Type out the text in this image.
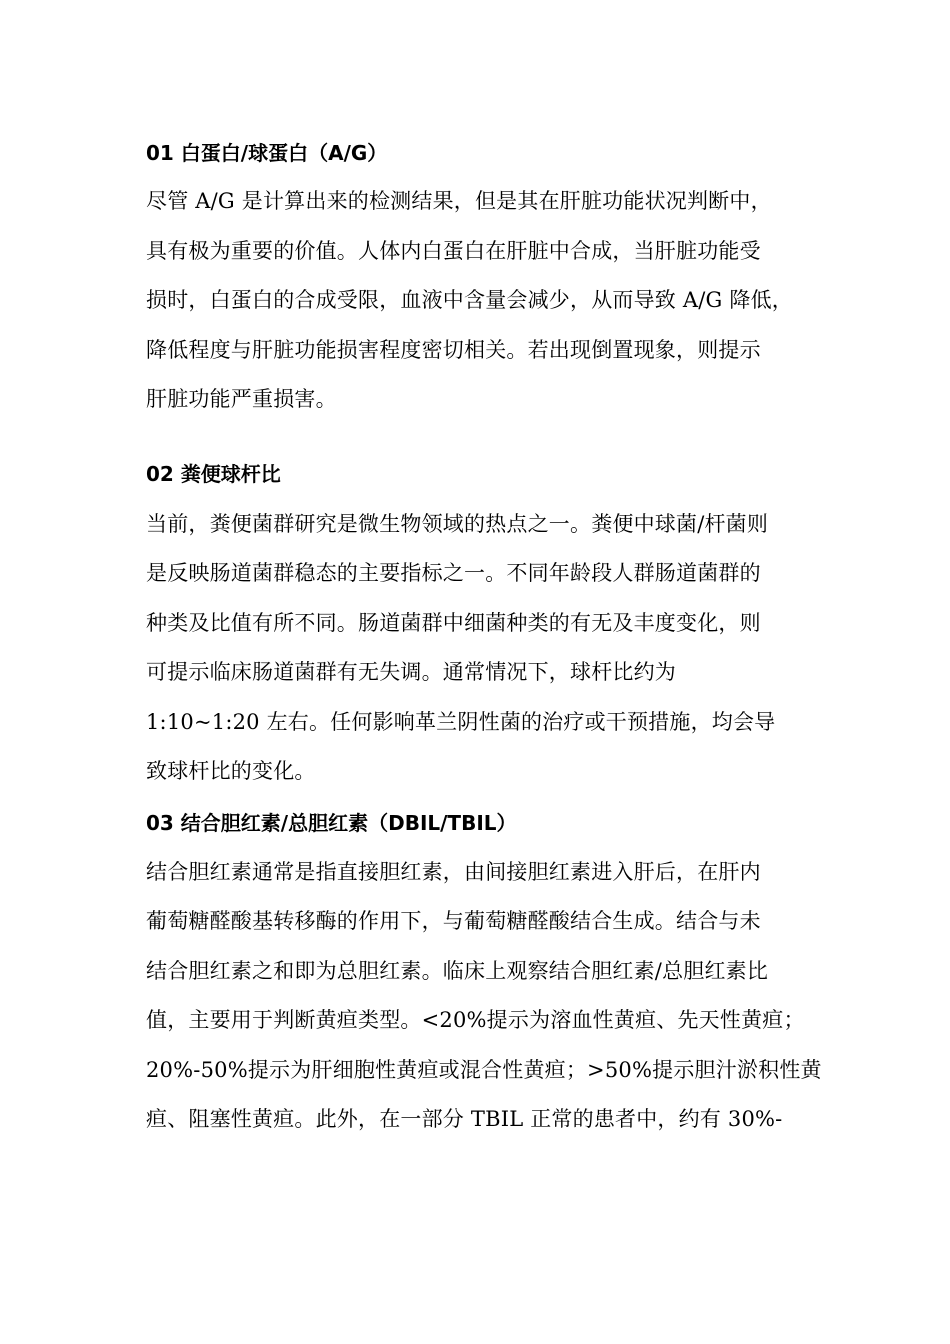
01 白蛋白/球蛋白（A/G）
尽管 A/G 是计算出来的检测结果，但是其在肝脏功能状况判断中，
具有极为重要的价值。人体内白蛋白在肝脏中合成，当肝脏功能受
损时，白蛋白的合成受限，血液中含量会减少，从而导致 A/G 降低，
降低程度与肝脏功能损害程度密切相关。若出现倒置现象，则提示
肝脏功能严重损害。
02 粪便球杆比
当前，粪便菌群研究是微生物领域的热点之一。粪便中球菌/杆菌则
是反映肠道菌群稳态的主要指标之一。不同年龄段人群肠道菌群的
种类及比值有所不同。肠道菌群中细菌种类的有无及丰度变化，则
可提示临床肠道菌群有无失调。通常情况下，球杆比约为
1:10~1:20 左右。任何影响革兰阴性菌的治疗或干预措施，均会导
致球杆比的变化。
03 结合胆红素/总胆红素（DBIL/TBIL）
结合胆红素通常是指直接胆红素，由间接胆红素进入肝后，在肝内
葡萄糖醛酸基转移酶的作用下，与葡萄糖醛酸结合生成。结合与未
结合胆红素之和即为总胆红素。临床上观察结合胆红素/总胆红素比
值，主要用于判断黄疸类型。<20%提示为溶血性黄疸、先天性黄疸；
20%-50%提示为肝细胞性黄疸或混合性黄疸；>50%提示胆汁淤积性黄
疸、阻塞性黄疸。此外，在一部分 TBIL 正常的患者中，约有 30%-
